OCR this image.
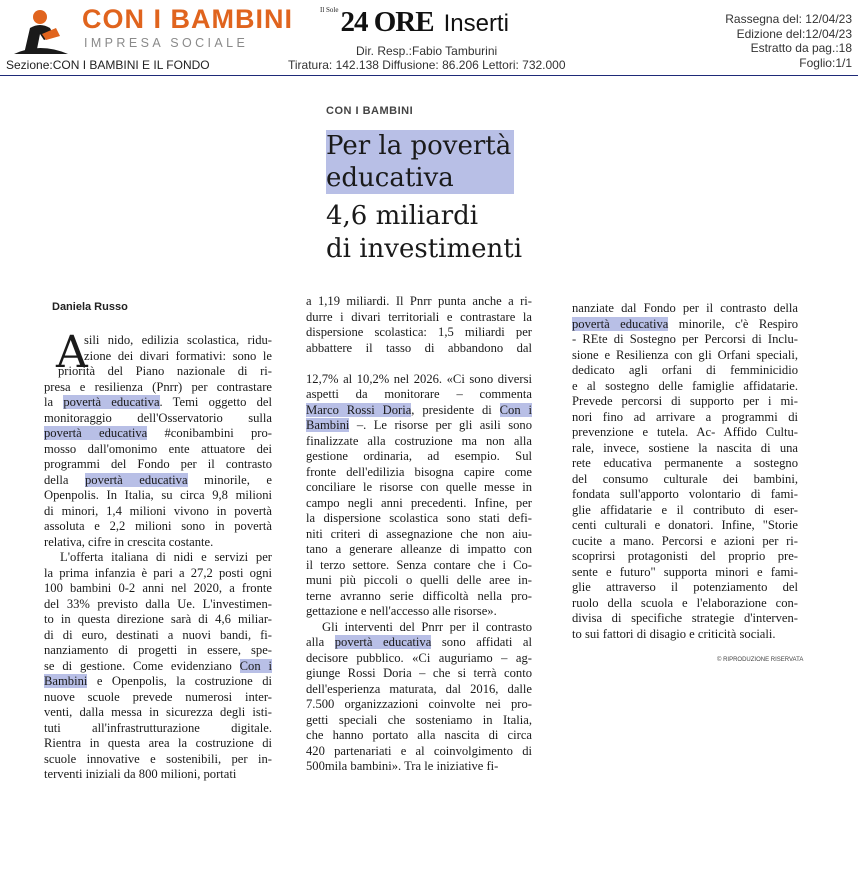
CON I BAMBINI
IMPRESA SOCIALE
Sezione:CON I BAMBINI E IL FONDO
$^{Il Sole}$24 ORE Inserti
Dir. Resp.:Fabio Tamburini
Tiratura: 142.138 Diffusione: 86.206 Lettori: 732.000
Rassegna del: 12/04/23
Edizione del:12/04/23
Estratto da pag.:18
Foglio:1/1
CON I BAMBINI
Per la povertà
educativa
4,6 miliardi
di investimenti
Daniela Russo
A
sili nido, edilizia scolastica, ridu-
zione dei divari formativi: sono le
priorità del Piano nazionale di ri-
presa e resilienza (Pnrr) per contrastare
la povertà educativa. Temi oggetto del
monitoraggio dell'Osservatorio sulla
povertà educativa #conibambini pro-
mosso dall'omonimo ente attuatore dei
programmi del Fondo per il contrasto
della povertà educativa minorile, e
Openpolis. In Italia, su circa 9,8 milioni
di minori, 1,4 milioni vivono in povertà
assoluta e 2,2 milioni sono in povertà
relativa, cifre in crescita costante.
L'offerta italiana di nidi e servizi per
la prima infanzia è pari a 27,2 posti ogni
100 bambini 0-2 anni nel 2020, a fronte
del 33% previsto dalla Ue. L'investimen-
to in questa direzione sarà di 4,6 miliar-
di di euro, destinati a nuovi bandi, fi-
nanziamento di progetti in essere, spe-
se di gestione. Come evidenziano Con i
Bambini e Openpolis, la costruzione di
nuove scuole prevede numerosi inter-
venti, dalla messa in sicurezza degli isti-
tuti all'infrastrutturazione digitale.
Rientra in questa area la costruzione di
scuole innovative e sostenibili, per in-
terventi iniziali da 800 milioni, portati
a 1,19 miliardi. Il Pnrr punta anche a ri-
durre i divari territoriali e contrastare la
dispersione scolastica: 1,5 miliardi per
abbattere il tasso di abbandono dal
12,7% al 10,2% nel 2026. «Ci sono diversi
aspetti da monitorare – commenta
Marco Rossi Doria, presidente di Con i
Bambini –. Le risorse per gli asili sono
finalizzate alla costruzione ma non alla
gestione ordinaria, ad esempio. Sul
fronte dell'edilizia bisogna capire come
conciliare le risorse con quelle messe in
campo negli anni precedenti. Infine, per
la dispersione scolastica sono stati defi-
niti criteri di assegnazione che non aiu-
tano a generare alleanze di impatto con
il terzo settore. Senza contare che i Co-
muni più piccoli o quelli delle aree in-
terne avranno serie difficoltà nella pro-
gettazione e nell'accesso alle risorse».
Gli interventi del Pnrr per il contrasto
alla povertà educativa sono affidati al
decisore pubblico. «Ci auguriamo – ag-
giunge Rossi Doria – che si terrà conto
dell'esperienza maturata, dal 2016, dalle
7.500 organizzazioni coinvolte nei pro-
getti speciali che sosteniamo in Italia,
che hanno portato alla nascita di circa
420 partenariati e al coinvolgimento di
500mila bambini». Tra le iniziative fi-
nanziate dal Fondo per il contrasto della
povertà educativa minorile, c'è Respiro
- REte di Sostegno per Percorsi di Inclu-
sione e Resilienza con gli Orfani speciali,
dedicato agli orfani di femminicidio
e al sostegno delle famiglie affidatarie.
Prevede percorsi di supporto per i mi-
nori fino ad arrivare a programmi di
prevenzione e tutela. Ac- Affido Cultu-
rale, invece, sostiene la nascita di una
rete educativa permanente a sostegno
del consumo culturale dei bambini,
fondata sull'apporto volontario di fami-
glie affidatarie e il contributo di eser-
centi culturali e donatori. Infine, "Storie
cucite a mano. Percorsi e azioni per ri-
scoprirsi protagonisti del proprio pre-
sente e futuro" supporta minori e fami-
glie attraverso il potenziamento del
ruolo della scuola e l'elaborazione con-
divisa di specifiche strategie d'interven-
to sui fattori di disagio e criticità sociali.
© RIPRODUZIONE RISERVATA
